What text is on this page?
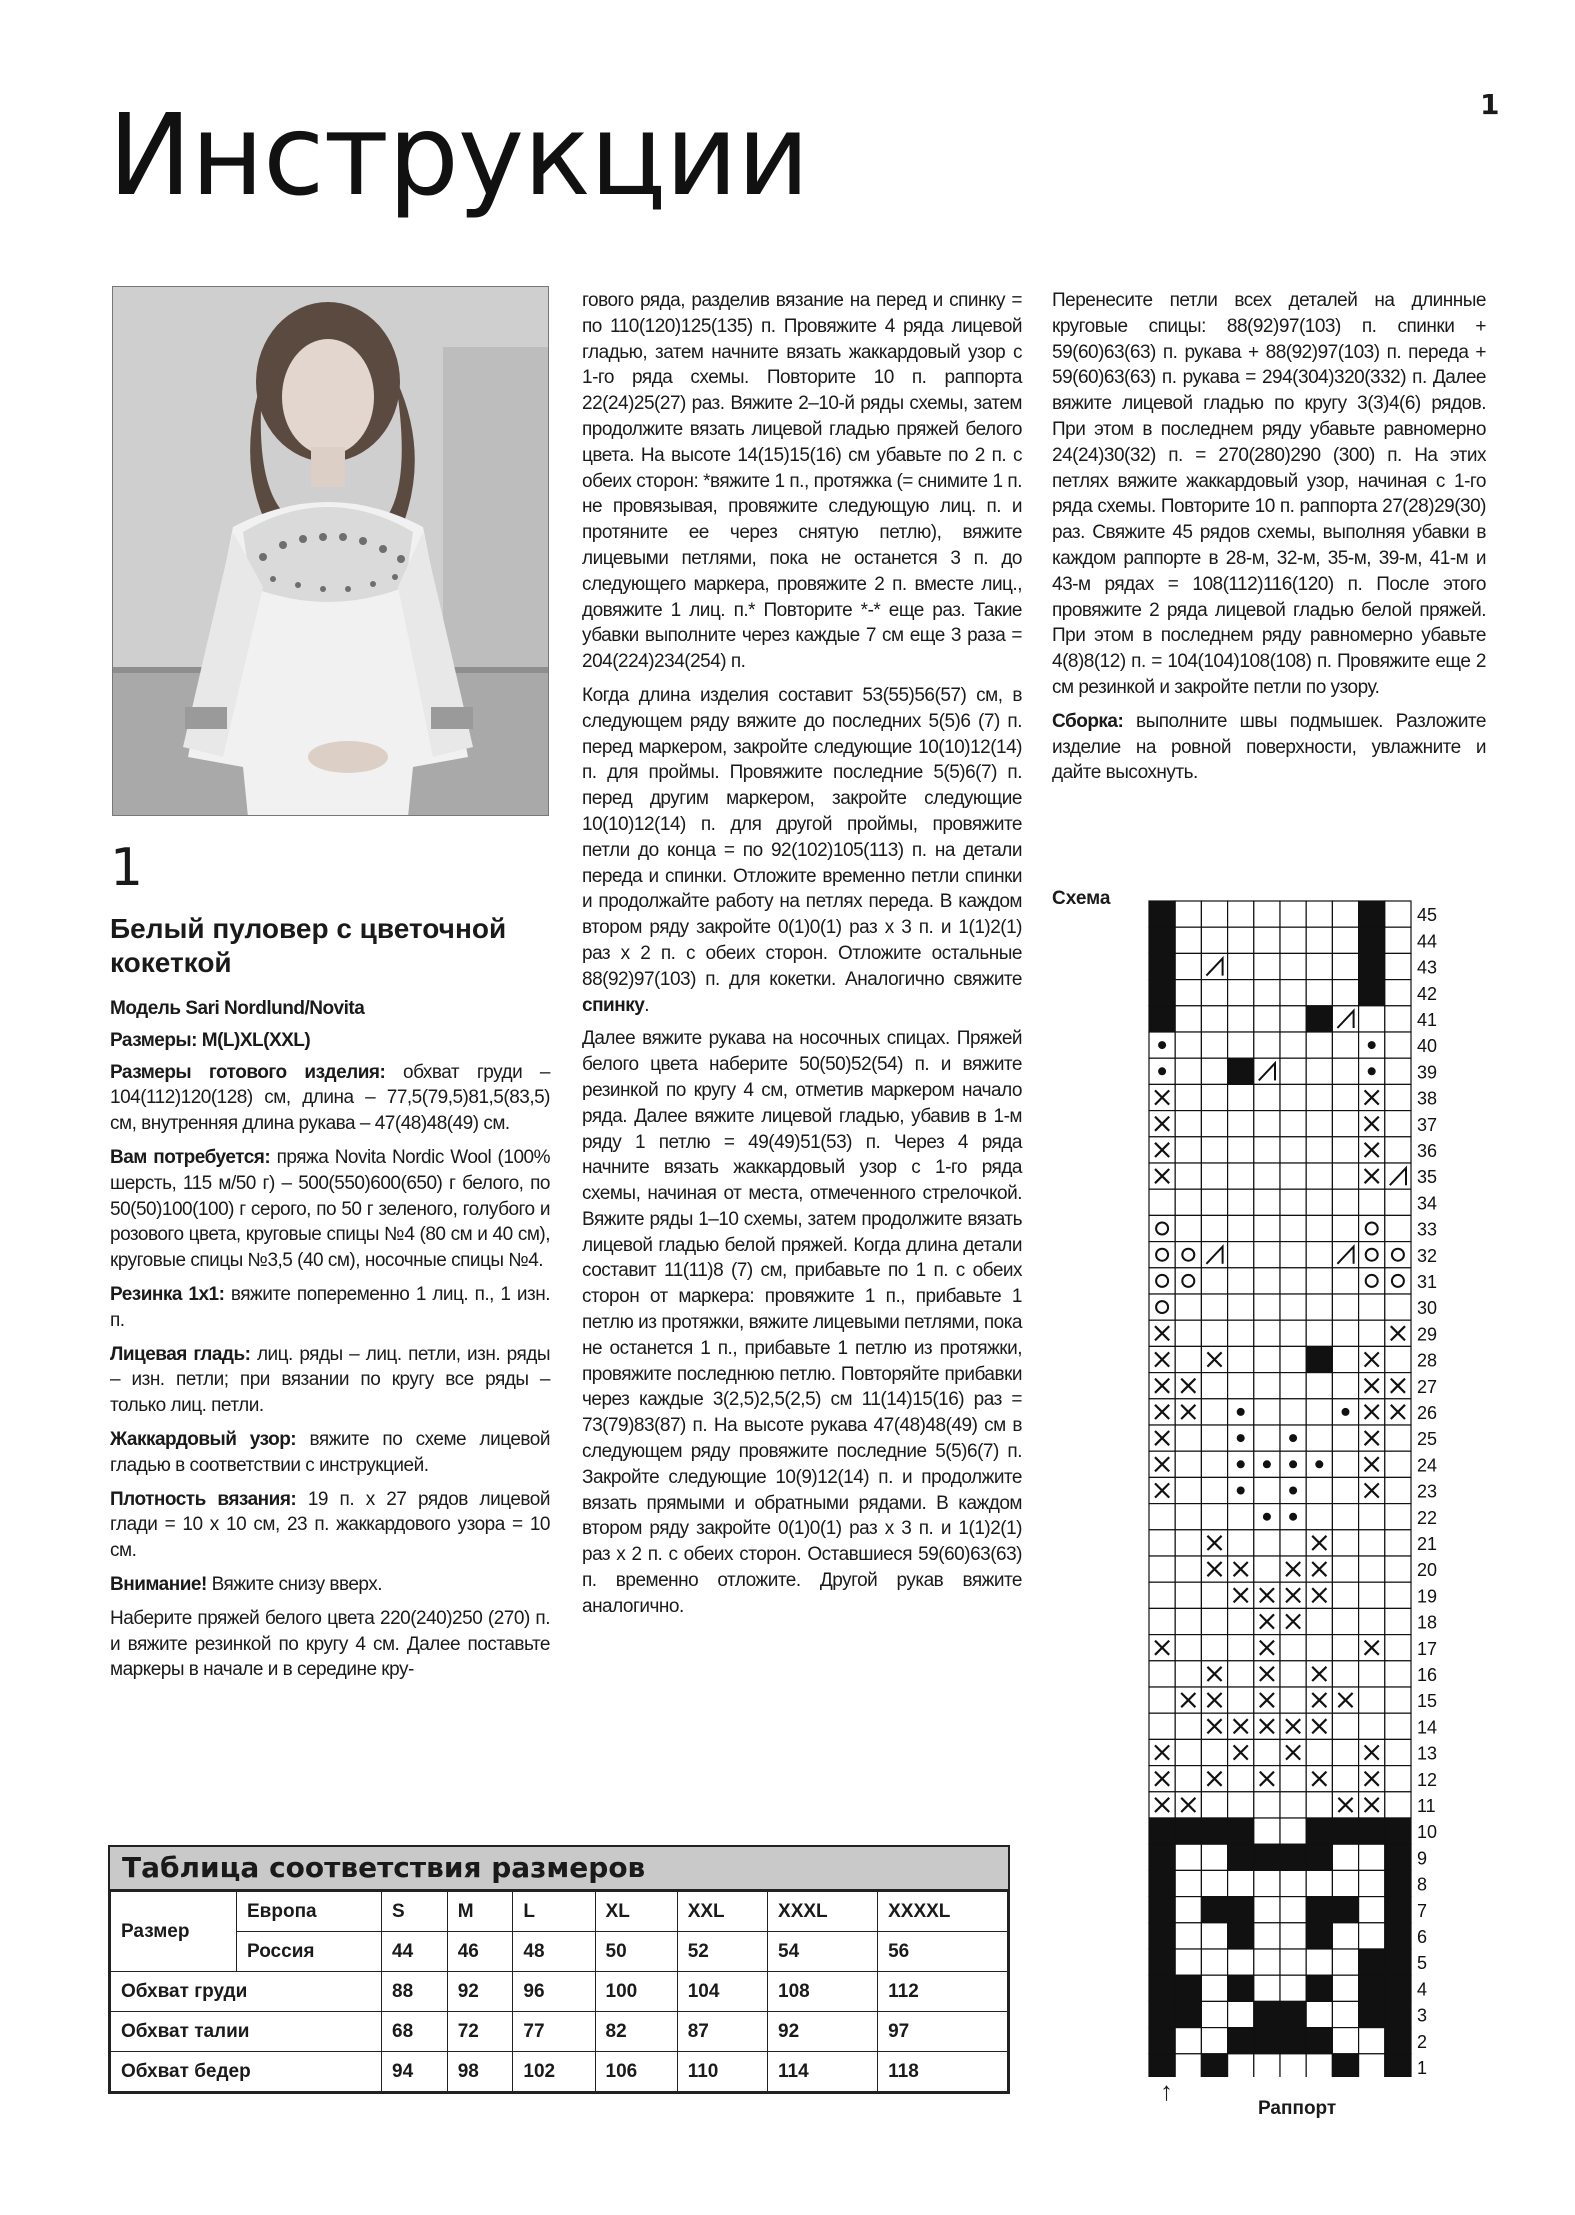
1
Инструкции
1
Белый пуловер с цветочной кокеткой

Модель Sari Nordlund/Novita

Размеры: M(L)XL(XXL)

Размеры готового изделия: обхват груди – 104(112)120(128) см, длина – 77,5(79,5)81,5(83,5) см, внутренняя длина рукава – 47(48)48(49) см.

Вам потребуется: пряжа Novita Nordic Wool (100% шерсть, 115 м/50 г) – 500(550)600(650) г белого, по 50(50)100(100) г серого, по 50 г зеленого, голубого и розового цвета, круговые спицы №4 (80 см и 40 см), круговые спицы №3,5 (40 см), носочные спицы №4.

Резинка 1х1: вяжите попеременно 1 лиц. п., 1 изн. п.

Лицевая гладь: лиц. ряды – лиц. петли, изн. ряды – изн. петли; при вязании по кругу все ряды – только лиц. петли.

Жаккардовый узор: вяжите по схеме лицевой гладью в соответствии с инструкцией.

Плотность вязания: 19 п. х 27 рядов лицевой глади = 10 х 10 см, 23 п. жаккардового узора = 10 см.

Внимание! Вяжите снизу вверх.

Наберите пряжей белого цвета 220(240)250 (270) п. и вяжите резинкой по кругу 4 см. Далее поставьте маркеры в начале и в середине кру-

гового ряда, разделив вязание на перед и спинку = по 110(120)125(135) п. Провяжите 4 ряда лицевой гладью, затем начните вязать жаккардовый узор с 1-го ряда схемы. Повторите 10 п. раппорта 22(24)25(27) раз. Вяжите 2–10-й ряды схемы, затем продолжите вязать лицевой гладью пряжей белого цвета. На высоте 14(15)15(16) см убавьте по 2 п. с обеих сторон: *вяжите 1 п., протяжка (= снимите 1 п. не провязывая, провяжите следующую лиц. п. и протяните ее через снятую петлю), вяжите лицевыми петлями, пока не останется 3 п. до следующего маркера, провяжите 2 п. вместе лиц., довяжите 1 лиц. п.* Повторите *-* еще раз. Такие убавки выполните через каждые 7 см еще 3 раза = 204(224)234(254) п.

Когда длина изделия составит 53(55)56(57) см, в следующем ряду вяжите до последних 5(5)6 (7) п. перед маркером, закройте следующие 10(10)12(14) п. для проймы. Провяжите последние 5(5)6(7) п. перед другим маркером, закройте следующие 10(10)12(14) п. для другой проймы, провяжите петли до конца = по 92(102)105(113) п. на детали переда и спинки. Отложите временно петли спинки и продолжайте работу на петлях переда. В каждом втором ряду закройте 0(1)0(1) раз х 3 п. и 1(1)2(1) раз х 2 п. с обеих сторон. Отложите остальные 88(92)97(103) п. для кокетки. Аналогично свяжите спинку.

Далее вяжите рукава на носочных спицах. Пряжей белого цвета наберите 50(50)52(54) п. и вяжите резинкой по кругу 4 см, отметив маркером начало ряда. Далее вяжите лицевой гладью, убавив в 1-м ряду 1 петлю = 49(49)51(53) п. Через 4 ряда начните вязать жаккардовый узор с 1-го ряда схемы, начиная от места, отмеченного стрелочкой. Вяжите ряды 1–10 схемы, затем продолжите вязать лицевой гладью белой пряжей. Когда длина детали составит 11(11)8 (7) см, прибавьте по 1 п. с обеих сторон от маркера: провяжите 1 п., прибавьте 1 петлю из протяжки, вяжите лицевыми петлями, пока не останется 1 п., прибавьте 1 петлю из протяжки, провяжите последнюю петлю. Повторяйте прибавки через каждые 3(2,5)2,5(2,5) см 11(14)15(16) раз = 73(79)83(87) п. На высоте рукава 47(48)48(49) см в следующем ряду провяжите последние 5(5)6(7) п. Закройте следующие 10(9)12(14) п. и продолжите вязать прямыми и обратными рядами. В каждом втором ряду закройте 0(1)0(1) раз х 3 п. и 1(1)2(1) раз х 2 п. с обеих сторон. Оставшиеся 59(60)63(63) п. временно отложите. Другой рукав вяжите аналогично.

Перенесите петли всех деталей на длинные круговые спицы: 88(92)97(103) п. спинки + 59(60)63(63) п. рукава + 88(92)97(103) п. переда + 59(60)63(63) п. рукава = 294(304)320(332) п. Далее вяжите лицевой гладью по кругу 3(3)4(6) рядов. При этом в последнем ряду убавьте равномерно 24(24)30(32) п. = 270(280)290 (300) п. На этих петлях вяжите жаккардовый узор, начиная с 1-го ряда схемы. Повторите 10 п. раппорта 27(28)29(30) раз. Свяжите 45 рядов схемы, выполняя убавки в каждом раппорте в 28-м, 32-м, 35-м, 39-м, 41-м и 43-м рядах = 108(112)116(120) п. После этого провяжите 2 ряда лицевой гладью белой пряжей. При этом в последнем ряду равномерно убавьте 4(8)8(12) п. = 104(104)108(108) п. Провяжите еще 2 см резинкой и закройте петли по узору.

Сборка: выполните швы подмышек. Разложите изделие на ровной поверхности, увлажните и дайте высохнуть.

Схема
45
44
43
42
41
40
39
38
37
36
35
34
33
32
31
30
29
28
27
26
25
24
23
22
21
20
19
18
17
16
15
14
13
12
11
10
9
8
7
6
5
4
3
2
1
↑
Раппорт
Таблица соответствия размеров
Размер	Европа	S	M	L	XL	XXL	XXXL	XXXXL
	Россия	44	46	48	50	52	54	56
Обхват груди		88	92	96	100	104	108	112
Обхват талии		68	72	77	82	87	92	97
Обхват бедер		94	98	102	106	110	114	118
